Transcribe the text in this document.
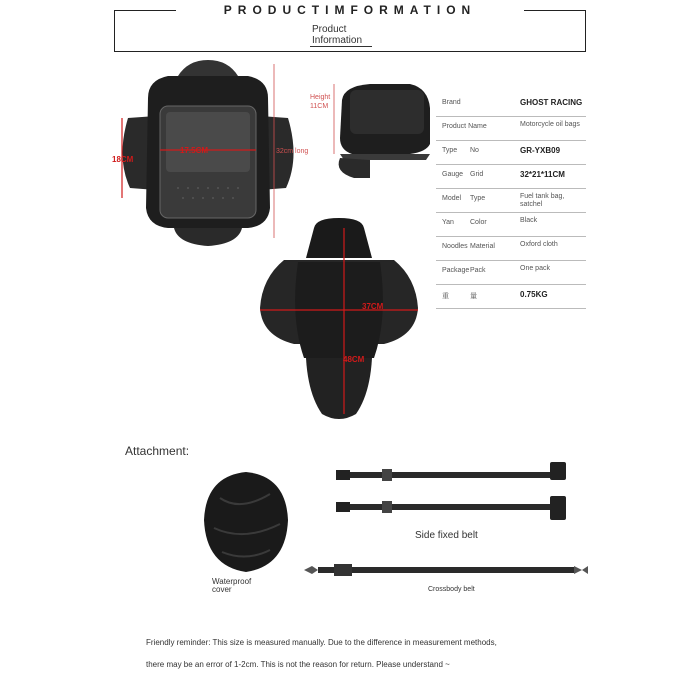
PRODUCTIMFORMATION
Product
Information
17.5CM
18CM
32cm long
Height
11CM
Brand	GHOST RACING
Product Name	Motorcycle oil bags
Type No	GR-YXB09
Gauge Grid	32*21*11CM
Model Type	Fuel tank bag, satchel
Yan Color	Black
Noodles Material	Oxford cloth
Package Pack	One pack
重	量	0.75KG
37CM
48CM
Attachment:
Waterproof
cover
Side fixed belt
Crossbody belt
Friendly reminder: This size is measured manually. Due to the difference in measurement methods,
there may be an error of 1-2cm. This is not the reason for return. Please understand ~
